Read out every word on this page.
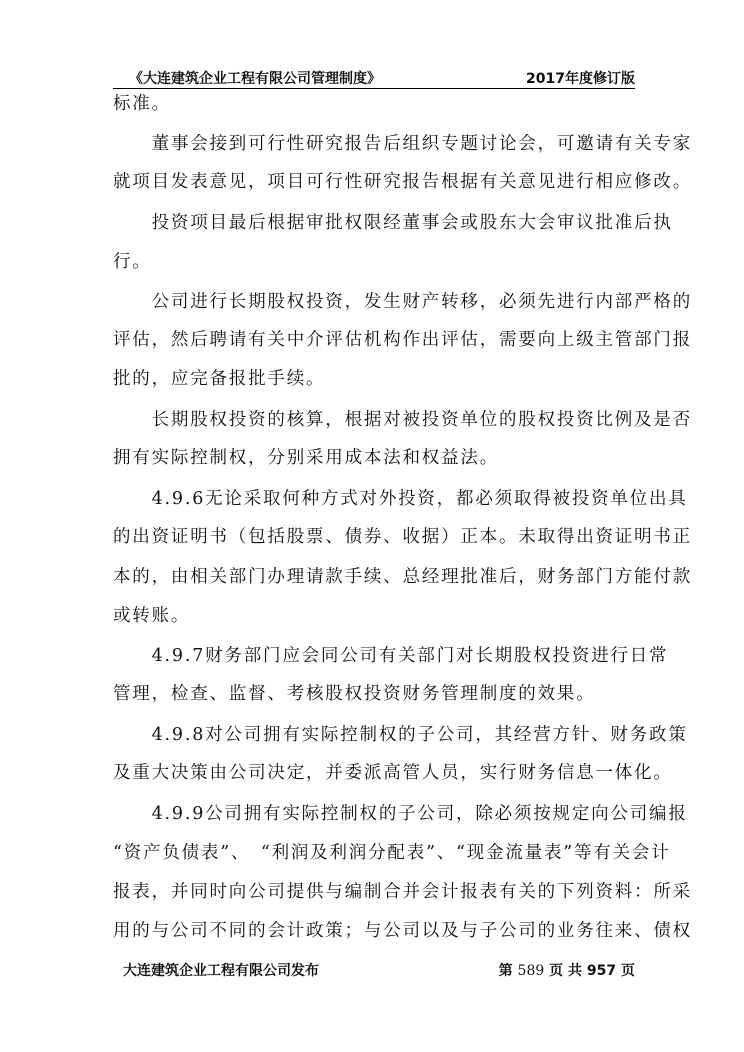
《大连建筑企业工程有限公司管理制度》	2017年度修订版
标准。
　　董事会接到可行性研究报告后组织专题讨论会，可邀请有关专家
就项目发表意见，项目可行性研究报告根据有关意见进行相应修改。
　　投资项目最后根据审批权限经董事会或股东大会审议批准后执
行。
　　公司进行长期股权投资，发生财产转移，必须先进行内部严格的
评估，然后聘请有关中介评估机构作出评估，需要向上级主管部门报
批的，应完备报批手续。
　　长期股权投资的核算，根据对被投资单位的股权投资比例及是否
拥有实际控制权，分别采用成本法和权益法。
　　4.9.6无论采取何种方式对外投资，都必须取得被投资单位出具
的出资证明书（包括股票、债券、收据）正本。未取得出资证明书正
本的，由相关部门办理请款手续、总经理批准后，财务部门方能付款
或转账。
　　4.9.7财务部门应会同公司有关部门对长期股权投资进行日常
管理，检查、监督、考核股权投资财务管理制度的效果。
　　4.9.8对公司拥有实际控制权的子公司，其经营方针、财务政策
及重大决策由公司决定，并委派高管人员，实行财务信息一体化。
　　4.9.9公司拥有实际控制权的子公司，除必须按规定向公司编报
“资产负债表”、　“利润及利润分配表”、“现金流量表”等有关会计
报表，并同时向公司提供与编制合并会计报表有关的下列资料：所采
用的与公司不同的会计政策；与公司以及与子公司的业务往来、债权
大连建筑企业工程有限公司发布	第 589 页 共 957 页
